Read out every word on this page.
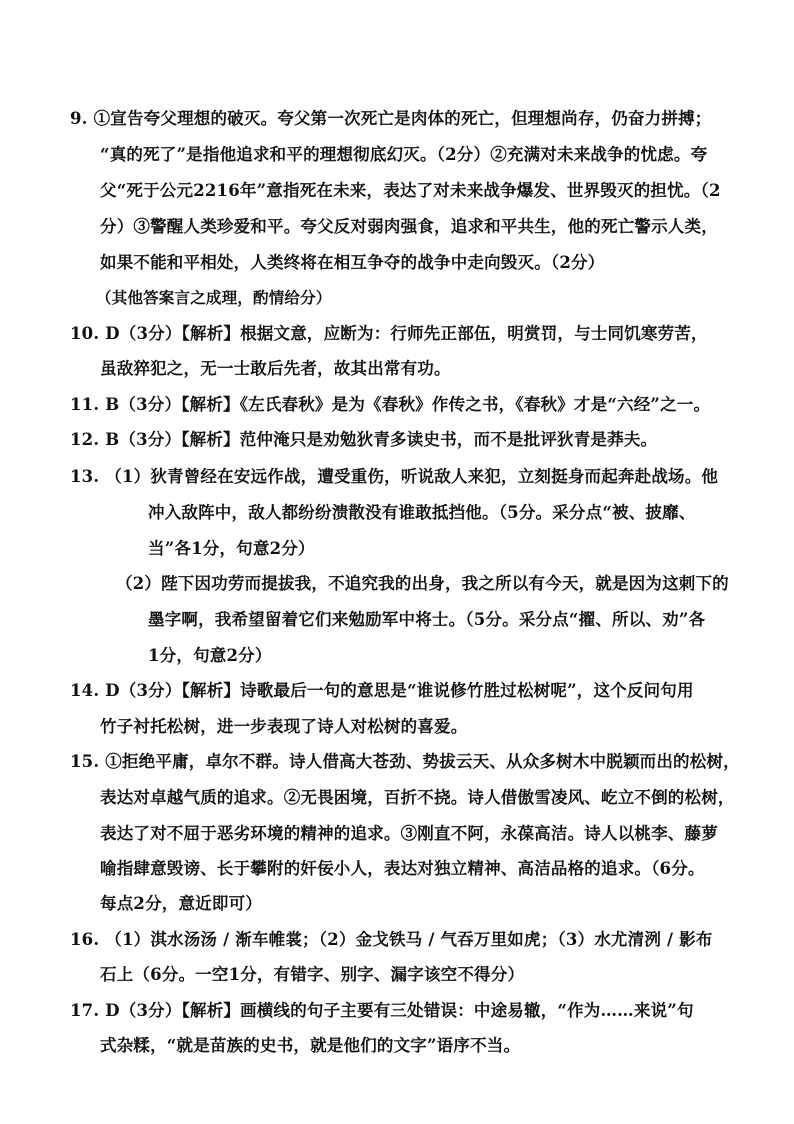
9. ①宣告夸父理想的破灭。夸父第一次死亡是肉体的死亡，但理想尚存，仍奋力拼搏；
“真的死了”是指他追求和平的理想彻底幻灭。（2分）②充满对未来战争的忧虑。夸
父“死于公元2216年”意指死在未来，表达了对未来战争爆发、世界毁灭的担忧。（2
分）③警醒人类珍爱和平。夸父反对弱肉强食，追求和平共生，他的死亡警示人类，
如果不能和平相处，人类终将在相互争夺的战争中走向毁灭。（2分）
（其他答案言之成理，酌情给分）
10. D（3分）【解析】根据文意，应断为：行师先正部伍，明赏罚，与士同饥寒劳苦，
虽敌猝犯之，无一士敢后先者，故其出常有功。
11. B（3分）【解析】《左氏春秋》是为《春秋》作传之书，《春秋》才是“六经”之一。
12. B（3分）【解析】范仲淹只是劝勉狄青多读史书，而不是批评狄青是莽夫。
13. （1）狄青曾经在安远作战，遭受重伤，听说敌人来犯，立刻挺身而起奔赴战场。他
冲入敌阵中，敌人都纷纷溃散没有谁敢抵挡他。（5分。采分点“被、披靡、
当”各1分，句意2分）
（2）陛下因功劳而提拔我，不追究我的出身，我之所以有今天，就是因为这刺下的
墨字啊，我希望留着它们来勉励军中将士。（5分。采分点“擢、所以、劝”各
1分，句意2分）
14. D（3分）【解析】诗歌最后一句的意思是“谁说修竹胜过松树呢”，这个反问句用
竹子衬托松树，进一步表现了诗人对松树的喜爱。
15. ①拒绝平庸，卓尔不群。诗人借高大苍劲、势拔云天、从众多树木中脱颖而出的松树，
表达对卓越气质的追求。②无畏困境，百折不挠。诗人借傲雪凌风、屹立不倒的松树，
表达了对不屈于恶劣环境的精神的追求。③刚直不阿，永葆高洁。诗人以桃李、藤萝
喻指肆意毁谤、长于攀附的奸佞小人，表达对独立精神、高洁品格的追求。（6分。
每点2分，意近即可）
16. （1）淇水汤汤 / 渐车帷裳；（2）金戈铁马 / 气吞万里如虎；（3）水尤清洌 / 影布
石上（6分。一空1分，有错字、别字、漏字该空不得分）
17. D（3分）【解析】画横线的句子主要有三处错误：中途易辙，“作为……来说”句
式杂糅，“就是苗族的史书，就是他们的文字”语序不当。
